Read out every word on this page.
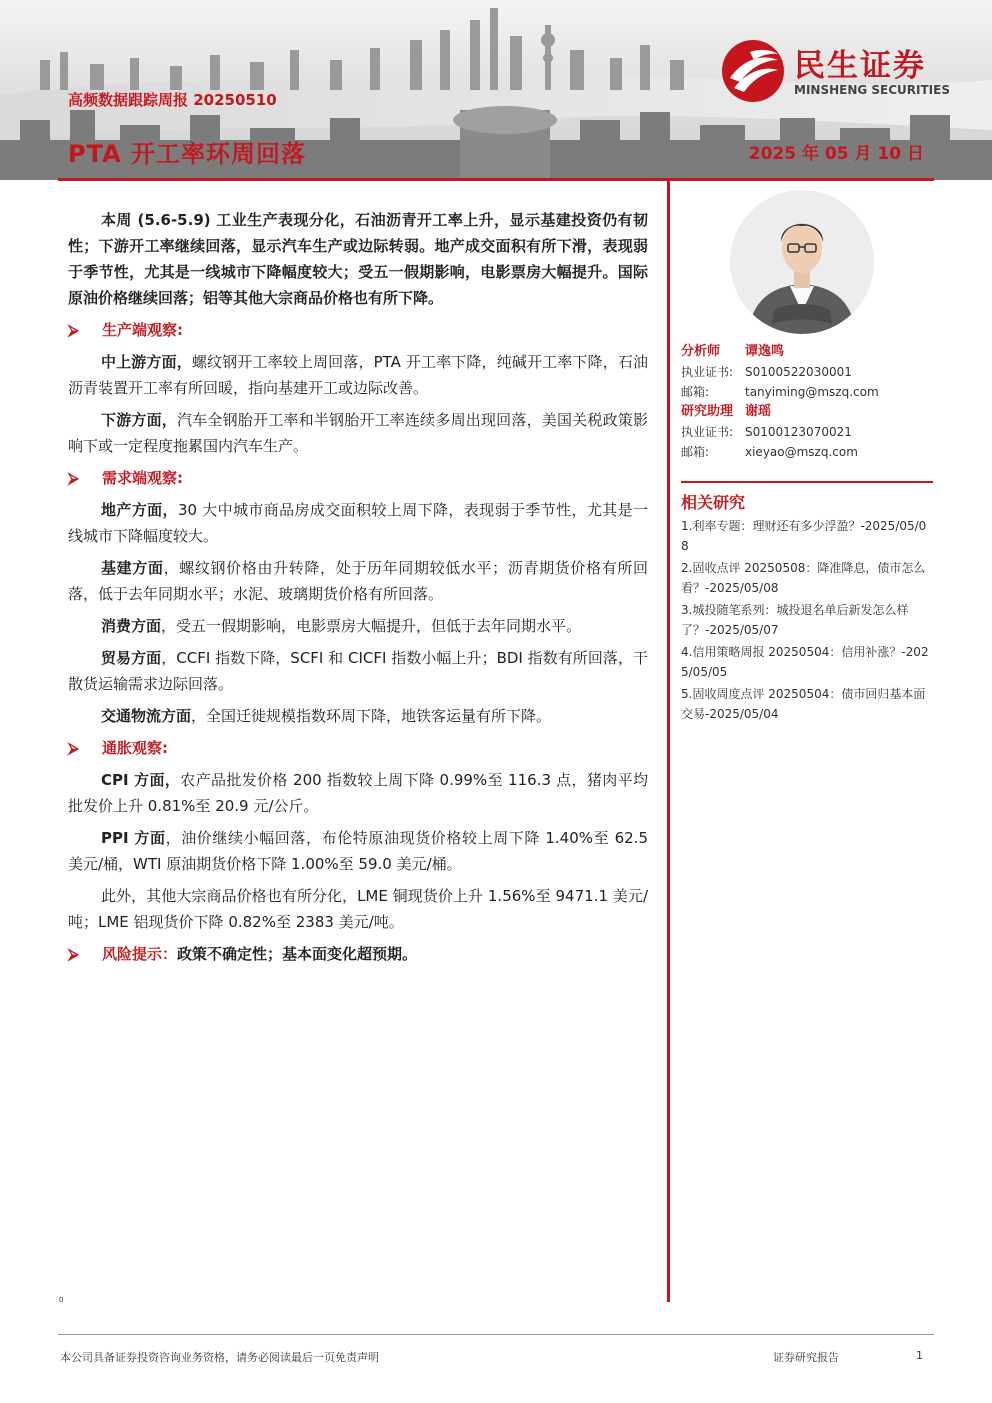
高频数据跟踪周报 20250510
PTA 开工率环周回落	2025 年 05 月 10 日
民生证券
MINSHENG SECURITIES

本周 (5.6-5.9) 工业生产表现分化，石油沥青开工率上升，显示基建投资仍有韧性；下游开工率继续回落，显示汽车生产或边际转弱。地产成交面积有所下滑，表现弱于季节性，尤其是一线城市下降幅度较大；受五一假期影响，电影票房大幅提升。国际原油价格继续回落；铝等其他大宗商品价格也有所下降。

⮚ 生产端观察:

中上游方面，螺纹钢开工率较上周回落，PTA 开工率下降，纯碱开工率下降，石油沥青装置开工率有所回暖，指向基建开工或边际改善。

下游方面，汽车全钢胎开工率和半钢胎开工率连续多周出现回落，美国关税政策影响下或一定程度拖累国内汽车生产。

⮚ 需求端观察:

地产方面，30 大中城市商品房成交面积较上周下降，表现弱于季节性，尤其是一线城市下降幅度较大。

基建方面，螺纹钢价格由升转降，处于历年同期较低水平；沥青期货价格有所回落，低于去年同期水平；水泥、玻璃期货价格有所回落。

消费方面，受五一假期影响，电影票房大幅提升，但低于去年同期水平。

贸易方面，CCFI 指数下降，SCFI 和 CICFI 指数小幅上升；BDI 指数有所回落，干散货运输需求边际回落。

交通物流方面，全国迁徙规模指数环周下降，地铁客运量有所下降。

⮚ 通胀观察:

CPI 方面，农产品批发价格 200 指数较上周下降 0.99%至 116.3 点，猪肉平均批发价上升 0.81%至 20.9 元/公斤。

PPI 方面，油价继续小幅回落，布伦特原油现货价格较上周下降 1.40%至 62.5 美元/桶，WTI 原油期货价格下降 1.00%至 59.0 美元/桶。

此外，其他大宗商品价格也有所分化，LME 铜现货价上升 1.56%至 9471.1 美元/吨；LME 铝现货价下降 0.82%至 2383 美元/吨。

⮚ 风险提示：政策不确定性；基本面变化超预期。
分析师	谭逸鸣
执业证书: S0100522030001
邮箱:	tanyiming@mszq.com
研究助理 谢瑶
执业证书: S0100123070021
邮箱:	xieyao@mszq.com
相关研究
1.利率专题：理财还有多少浮盈？-2025/05/08
2.固收点评 20250508：降准降息，债市怎么看？-2025/05/08
3.城投随笔系列：城投退名单后新发怎么样了？-2025/05/07
4.信用策略周报 20250504：信用补涨？-2025/05/05
5.固收周度点评 20250504：债市回归基本面交易-2025/05/04
0
本公司具备证券投资咨询业务资格，请务必阅读最后一页免责声明	证券研究报告	1
